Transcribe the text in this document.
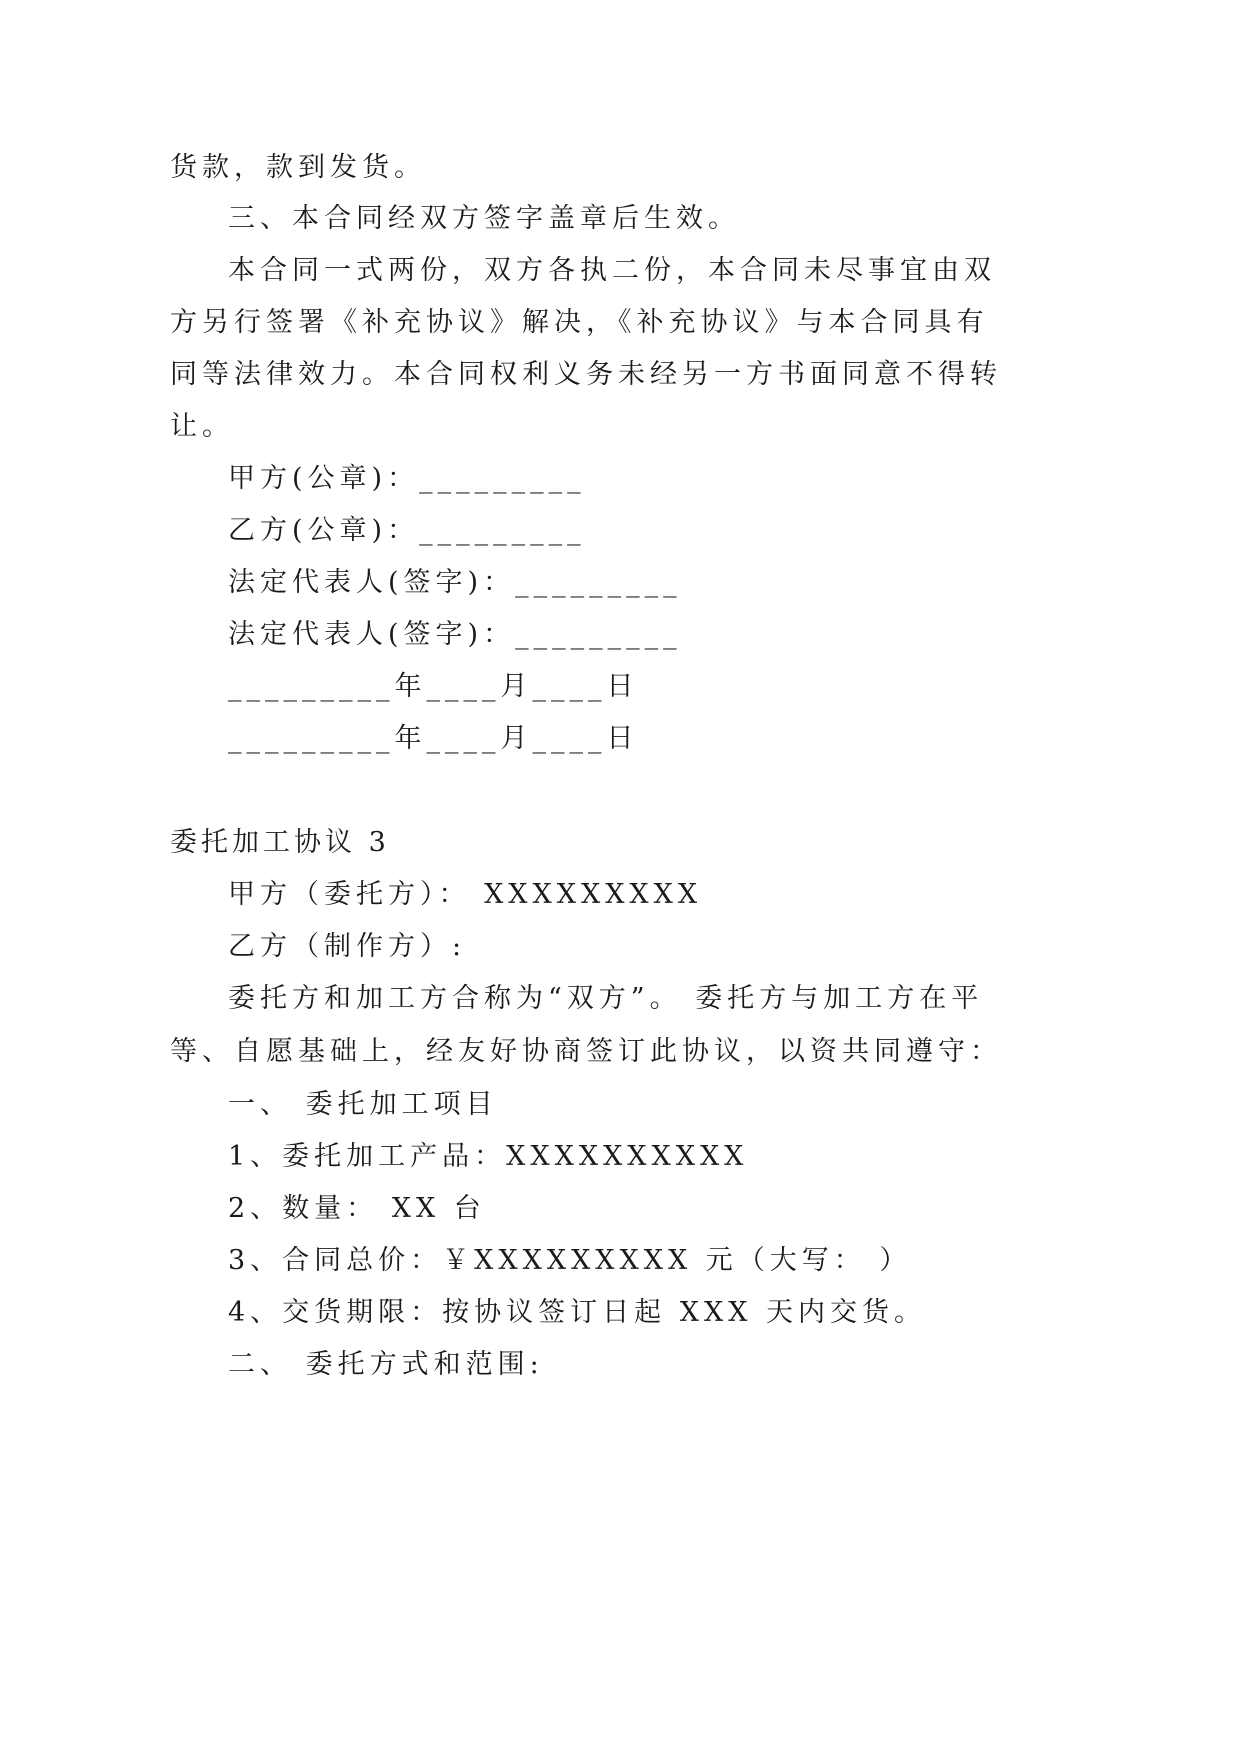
货款，款到发货。
三、本合同经双方签字盖章后生效。
本合同一式两份，双方各执二份，本合同未尽事宜由双
方另行签署《补充协议》解决，《补充协议》与本合同具有
同等法律效力。本合同权利义务未经另一方书面同意不得转
让。
甲方(公章)：_________
乙方(公章)：_________
法定代表人(签字)：_________
法定代表人(签字)：_________
_________年____月____日
_________年____月____日
委托加工协议 3
甲方（委托方）： XXXXXXXXX
乙方（制作方）:
委托方和加工方合称为“双方”。 委托方与加工方在平
等、自愿基础上，经友好协商签订此协议，以资共同遵守：
一、 委托加工项目
1、委托加工产品：XXXXXXXXXX
2、数量： XX 台
3、合同总价：￥XXXXXXXXX 元（大写： ）
4、交货期限：按协议签订日起 XXX 天内交货。
二、 委托方式和范围:
